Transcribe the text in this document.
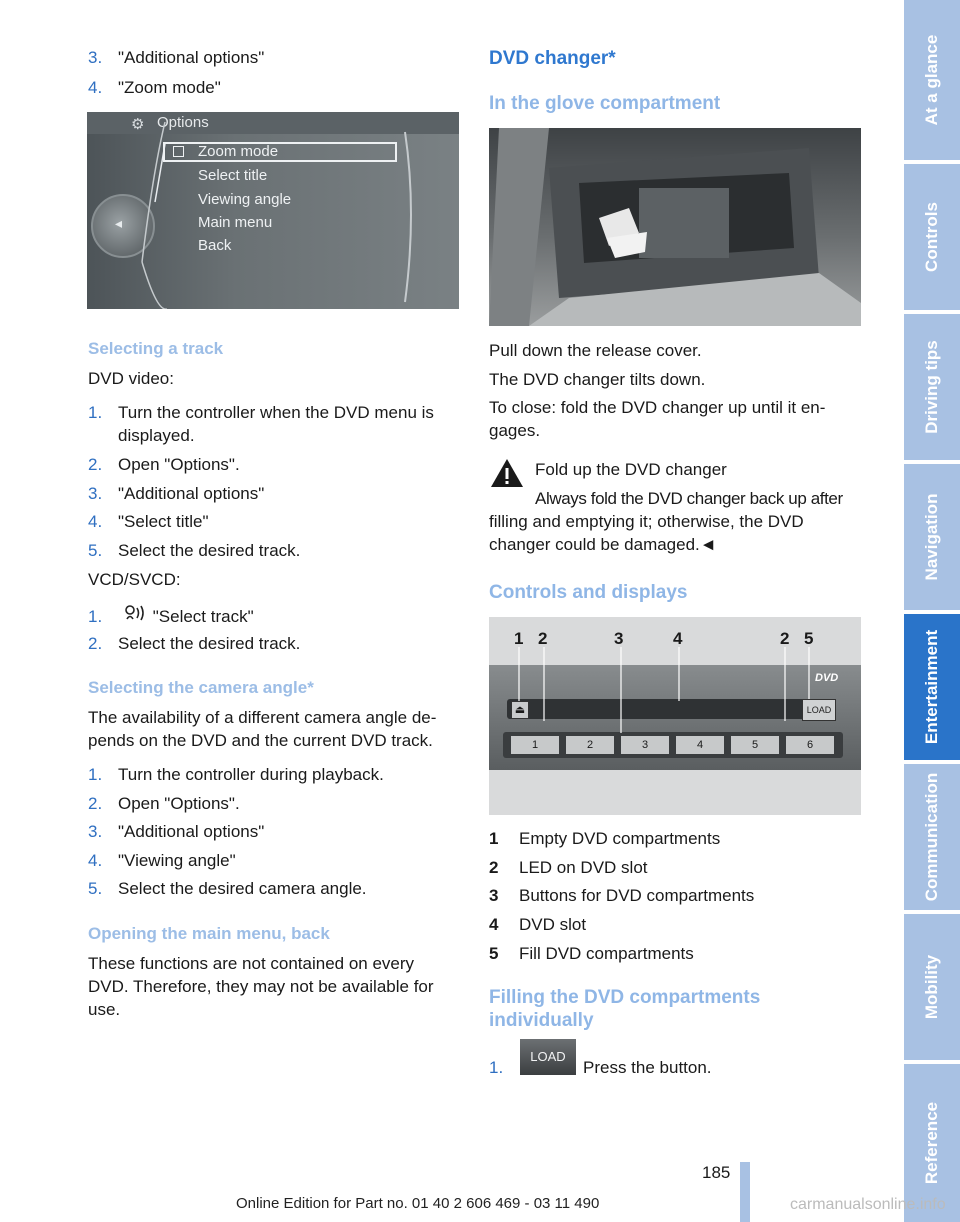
3. "Additional options"
4. "Zoom mode"
⚙ Options
◂
Zoom mode
Select title
Viewing angle
Main menu
Back
Selecting a track
DVD video:
1. Turn the controller when the DVD menu is
displayed.
2. Open "Options".
3. "Additional options"
4. "Select title"
5. Select the desired track.
VCD/SVCD:
1.	"Select track"
2. Select the desired track.
Selecting the camera angle*
The availability of a different camera angle de-
pends on the DVD and the current DVD track.
1. Turn the controller during playback.
2. Open "Options".
3. "Additional options"
4. "Viewing angle"
5. Select the desired camera angle.
Opening the main menu, back
These functions are not contained on every
DVD. Therefore, they may not be available for
use.
DVD changer*
In the glove compartment
Pull down the release cover.
The DVD changer tilts down.
To close: fold the DVD changer up until it en-
gages.
Fold up the DVD changer
Always fold the DVD changer back up after
filling and emptying it; otherwise, the DVD
changer could be damaged.◄
Controls and displays
⏏
DVD
LOAD
1	2	3	4	5	6
1 2	3	4	2 5
1 Empty DVD compartments
2 LED on DVD slot
3 Buttons for DVD compartments
4 DVD slot
5 Fill DVD compartments
Filling the DVD compartments
individually
1.
LOAD
Press the button.
At a glance
Controls
Driving tips
Navigation
Entertainment
Communication
Mobility
Reference
185
Online Edition for Part no. 01 40 2 606 469 - 03 11 490	carmanualsonline.info
